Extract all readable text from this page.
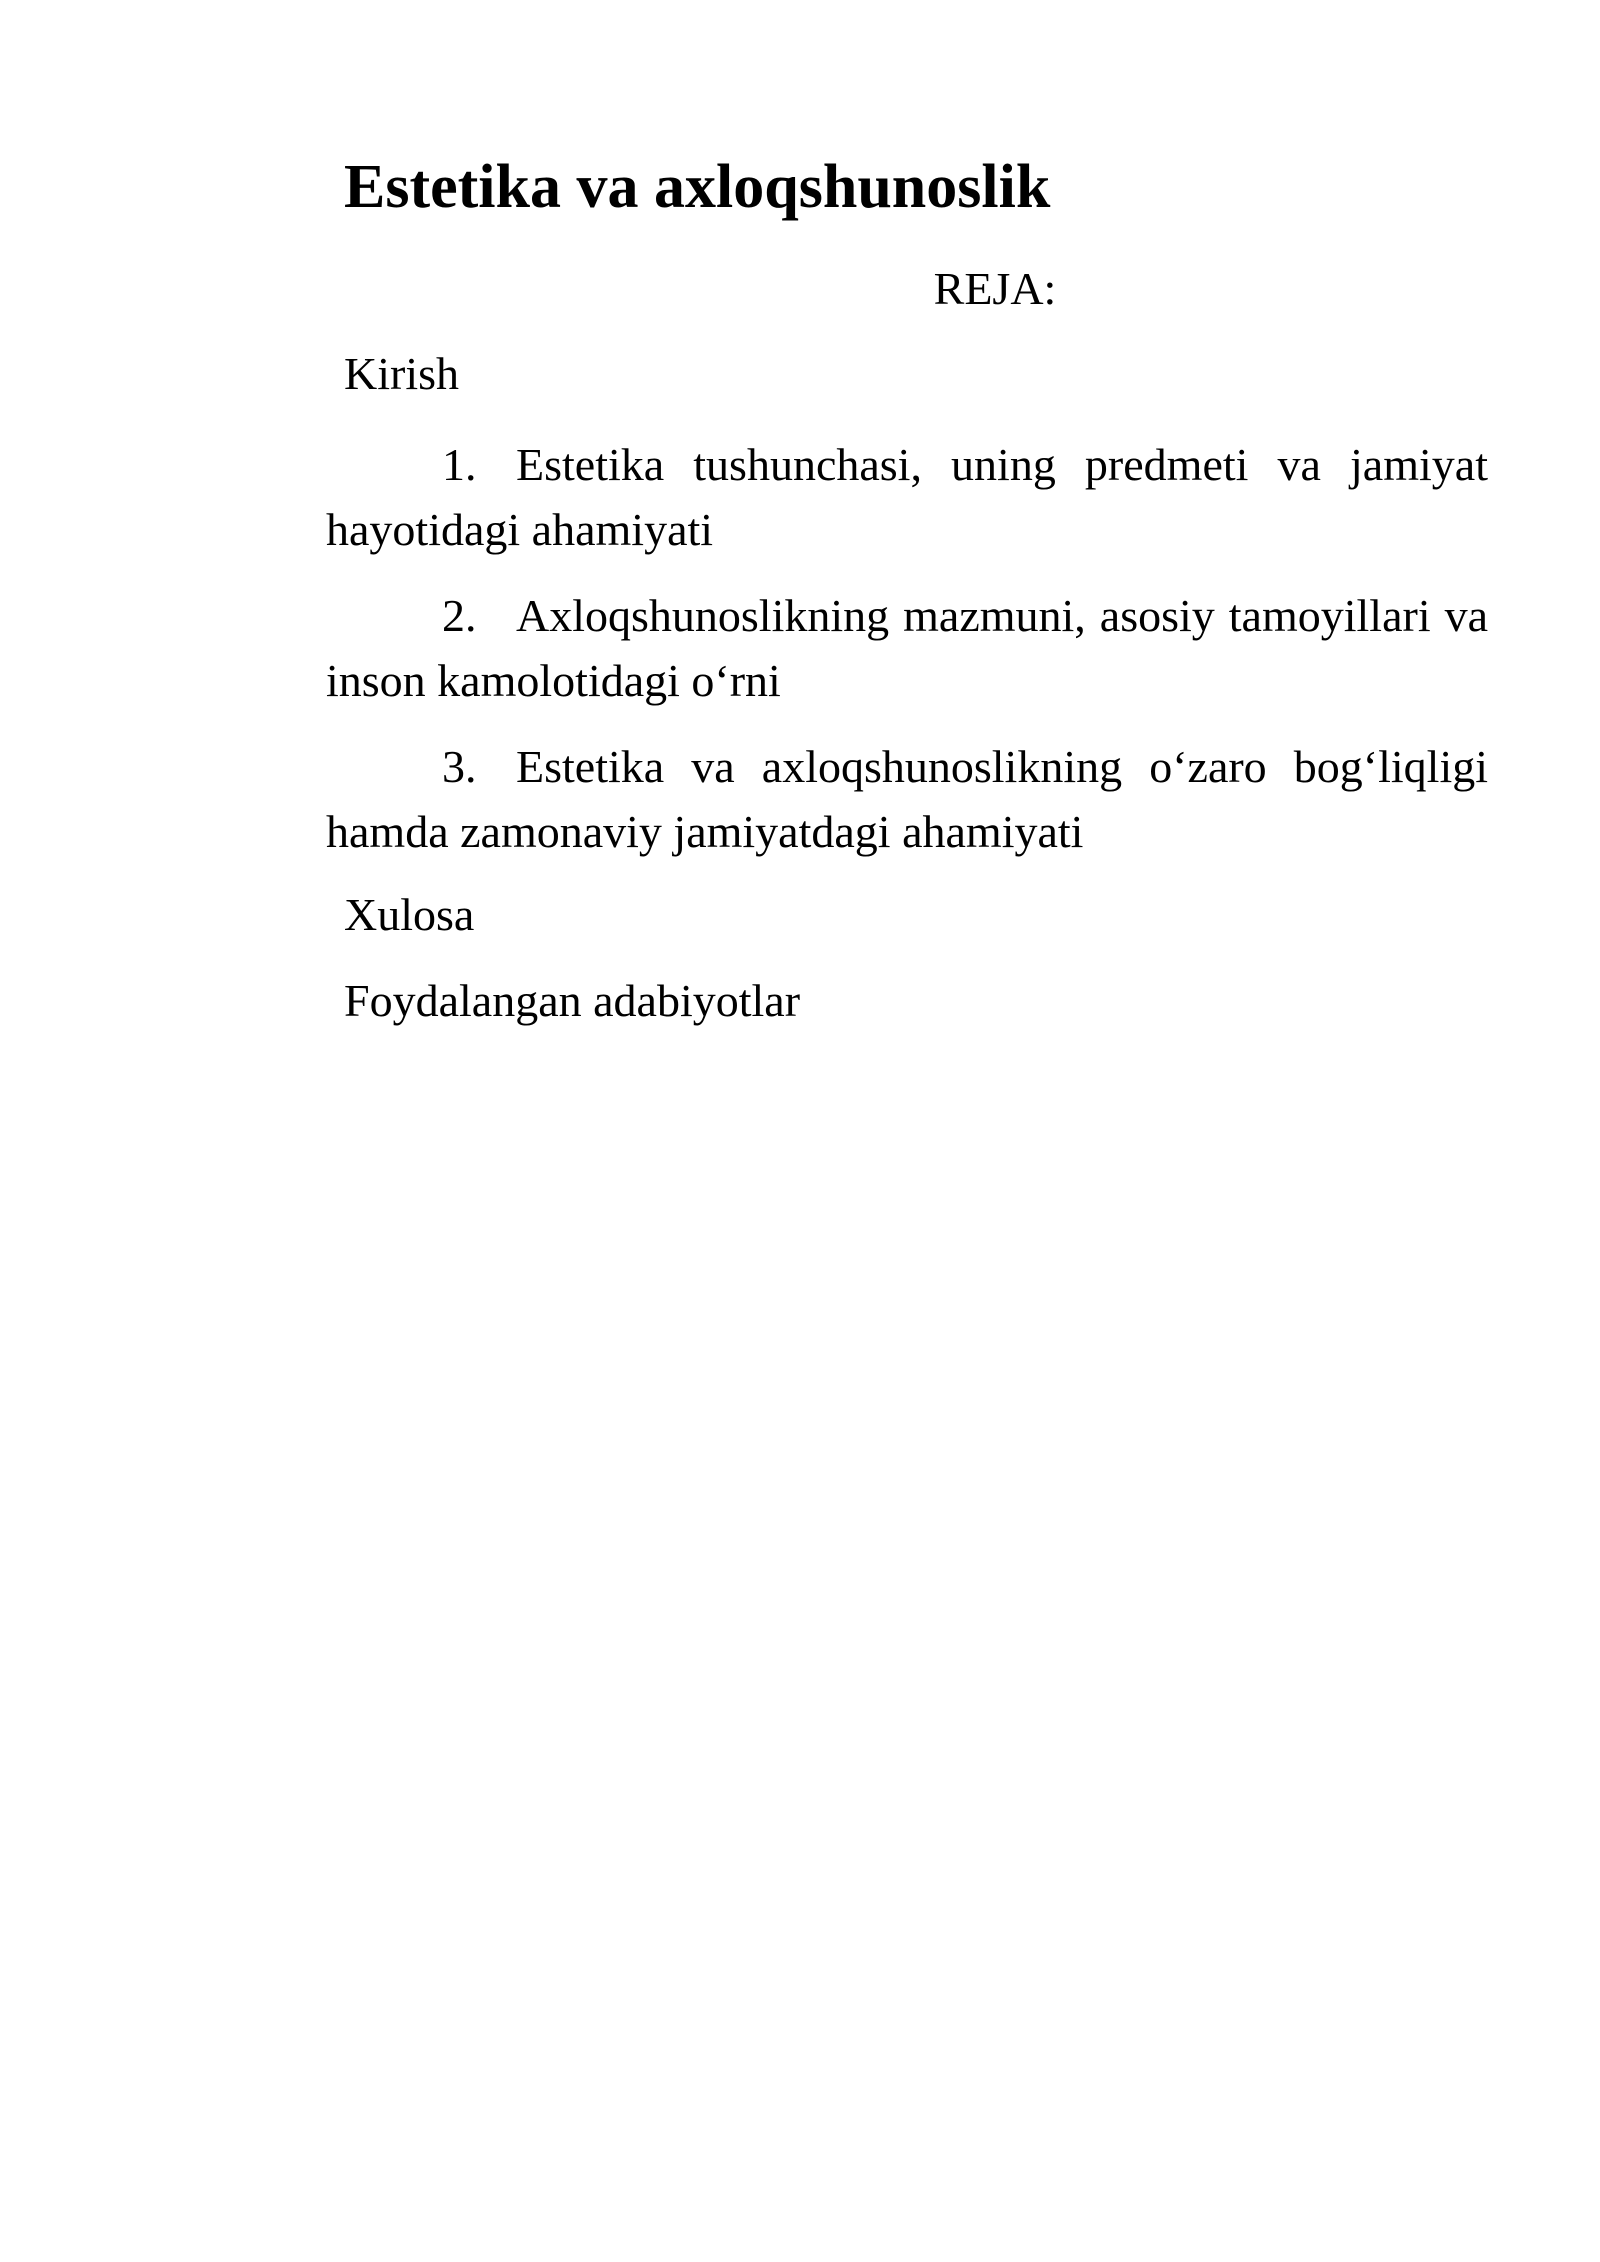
Estetika va axloqshunoslik
REJA:
Kirish

1. Estetika tushunchasi, uning predmeti va jamiyat hayotidagi ahamiyati

2. Axloqshunoslikning mazmuni, asosiy tamoyillari va inson kamolotidagi o‘rni

3. Estetika va axloqshunoslikning o‘zaro bog‘liqligi hamda zamonaviy jamiyatdagi ahamiyati

Xulosa
Foydalangan adabiyotlar
